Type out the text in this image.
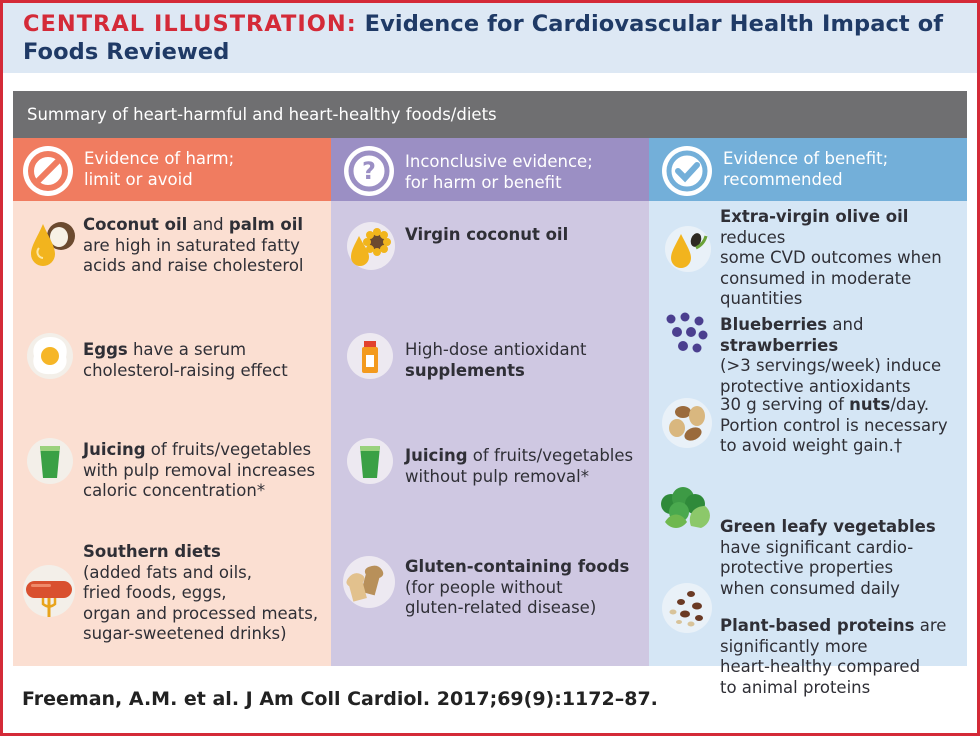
CENTRAL ILLUSTRATION: Evidence for Cardiovascular Health Impact of Foods Reviewed
Summary of heart-harmful and heart-healthy foods/diets
Evidence of harm;
limit or avoid
Coconut oil and palm oil
are high in saturated fatty
acids and raise cholesterol
Eggs have a serum
cholesterol-raising effect
Juicing of fruits/vegetables
with pulp removal increases
caloric concentration*
Southern diets
(added fats and oils,
fried foods, eggs,
organ and processed meats,
sugar-sweetened drinks)
? Inconclusive evidence;
for harm or benefit
Virgin coconut oil
High-dose antioxidant
supplements
Juicing of fruits/vegetables
without pulp removal*
Gluten-containing foods
(for people without
gluten-related disease)
Evidence of benefit;
recommended
Extra-virgin olive oil reduces
some CVD outcomes when
consumed in moderate
quantities
Blueberries and strawberries
(>3 servings/week) induce
protective antioxidants
30 g serving of nuts/day.
Portion control is necessary
to avoid weight gain.†
Green leafy vegetables
have significant cardio-
protective properties
when consumed daily
Plant-based proteins are
significantly more
heart-healthy compared
to animal proteins
Freeman, A.M. et al. J Am Coll Cardiol. 2017;69(9):1172–87.
